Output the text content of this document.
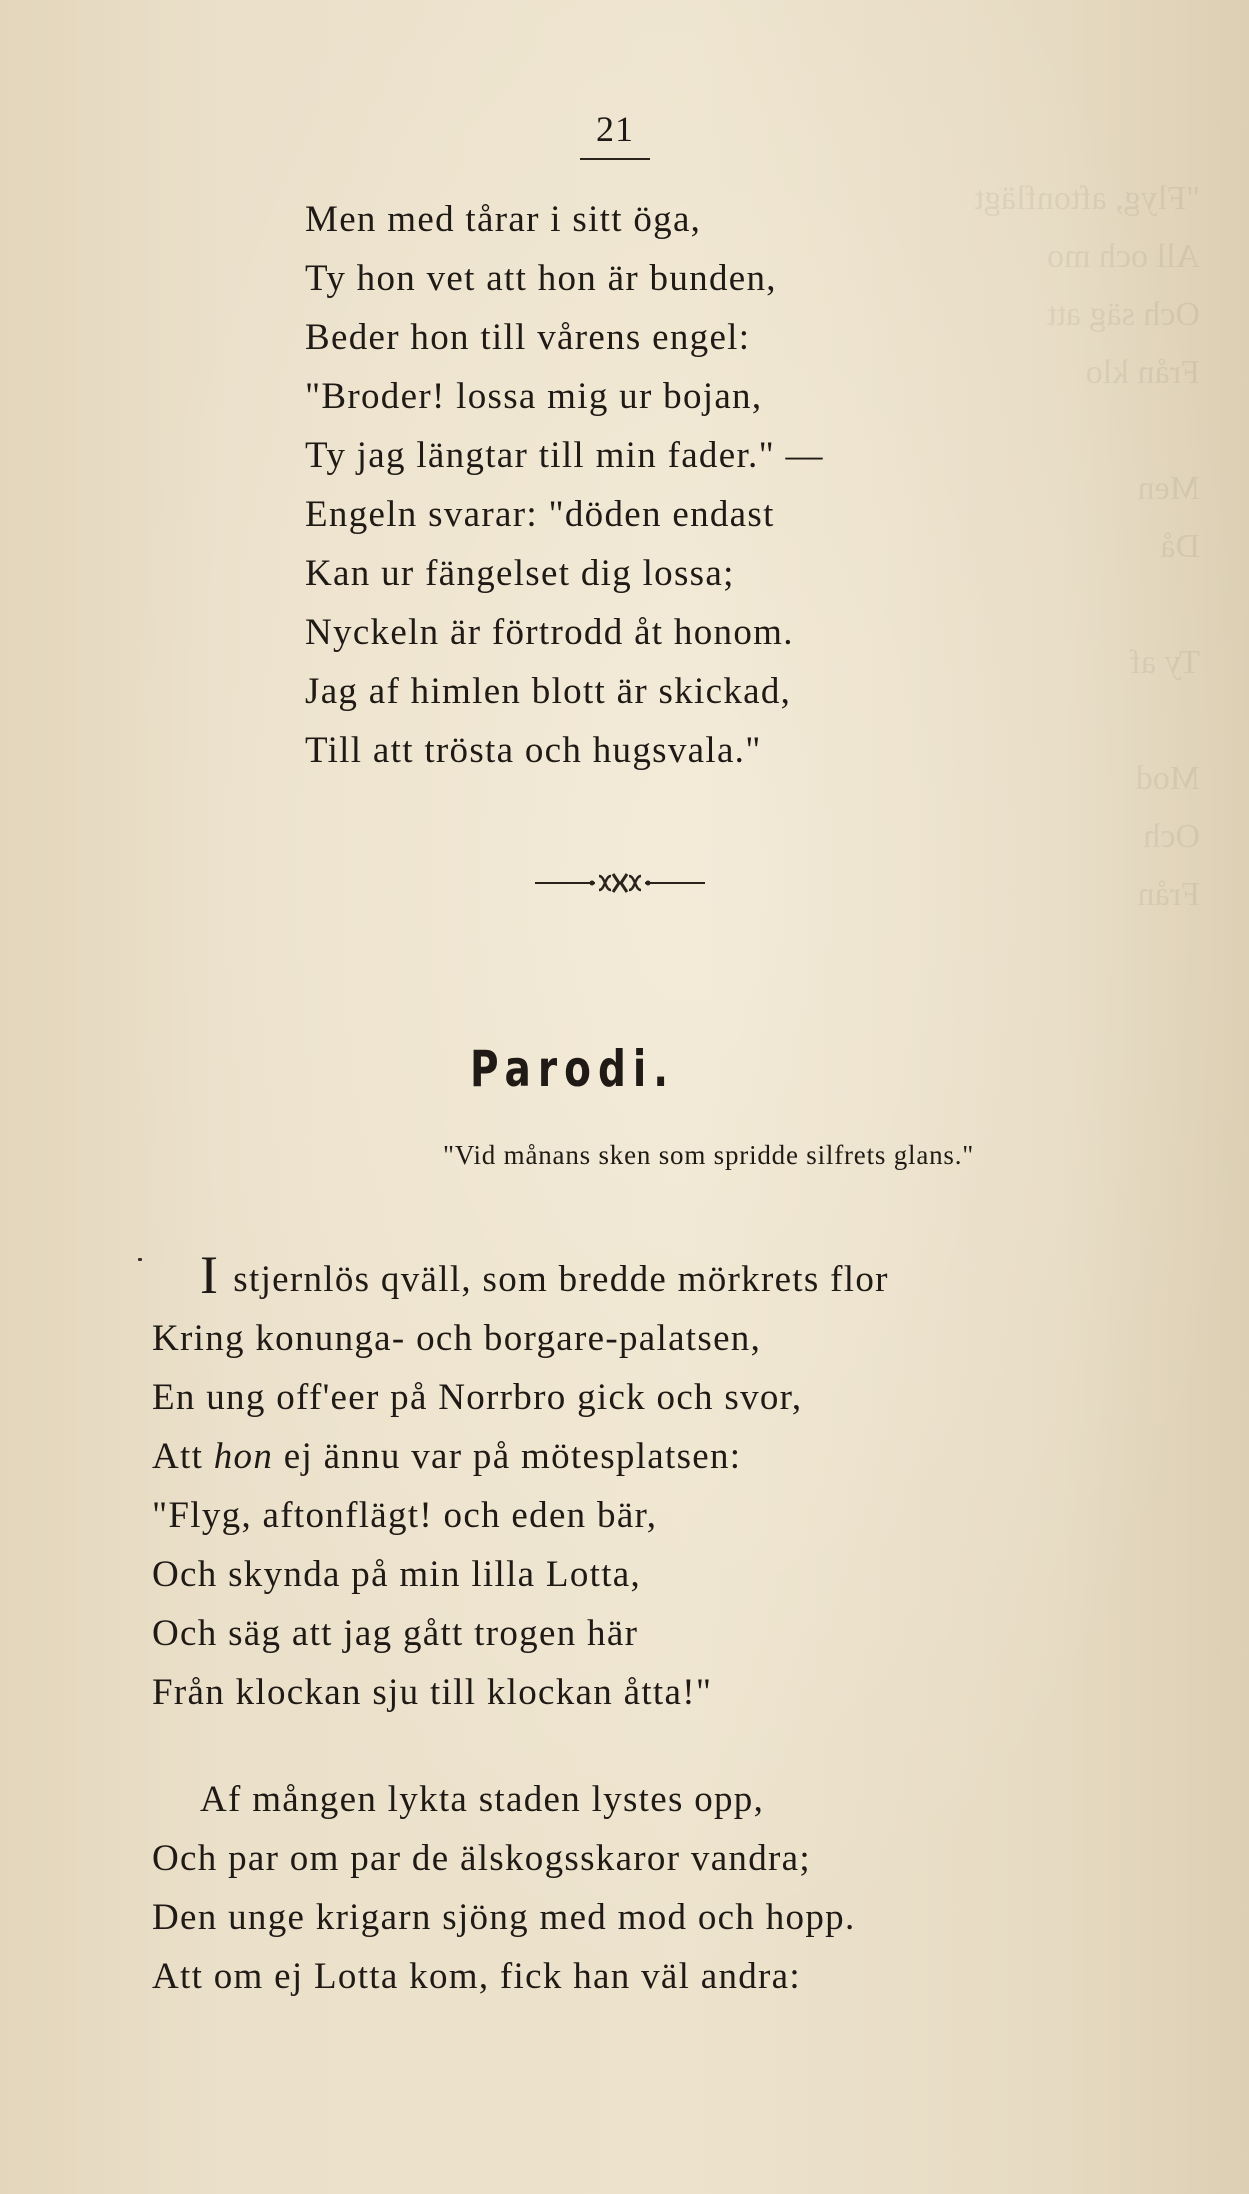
"Flyg, aftonflägt
All och mo
Och säg att
Från klo

Men
Då

Ty af

Mod
Och
Från
21
Men med tårar i sitt öga,
Ty hon vet att hon är bunden,
Beder hon till vårens engel:
"Broder! lossa mig ur bojan,
Ty jag längtar till min fader." —
Engeln svarar: "döden endast
Kan ur fängelset dig lossa;
Nyckeln är förtrodd åt honom.
Jag af himlen blott är skickad,
Till att trösta och hugsvala."
Parodi.
"Vid månans sken som spridde silfrets glans."
I stjernlös qväll, som bredde mörkrets flor
Kring konunga- och borgare-palatsen,
En ung off'eer på Norrbro gick och svor,
Att hon ej ännu var på mötesplatsen:
"Flyg, aftonflägt! och eden bär,
Och skynda på min lilla Lotta,
Och säg att jag gått trogen här
Från klockan sju till klockan åtta!"
Af mången lykta staden lystes opp,
Och par om par de älskogsskaror vandra;
Den unge krigarn sjöng med mod och hopp.
Att om ej Lotta kom, fick han väl andra:
